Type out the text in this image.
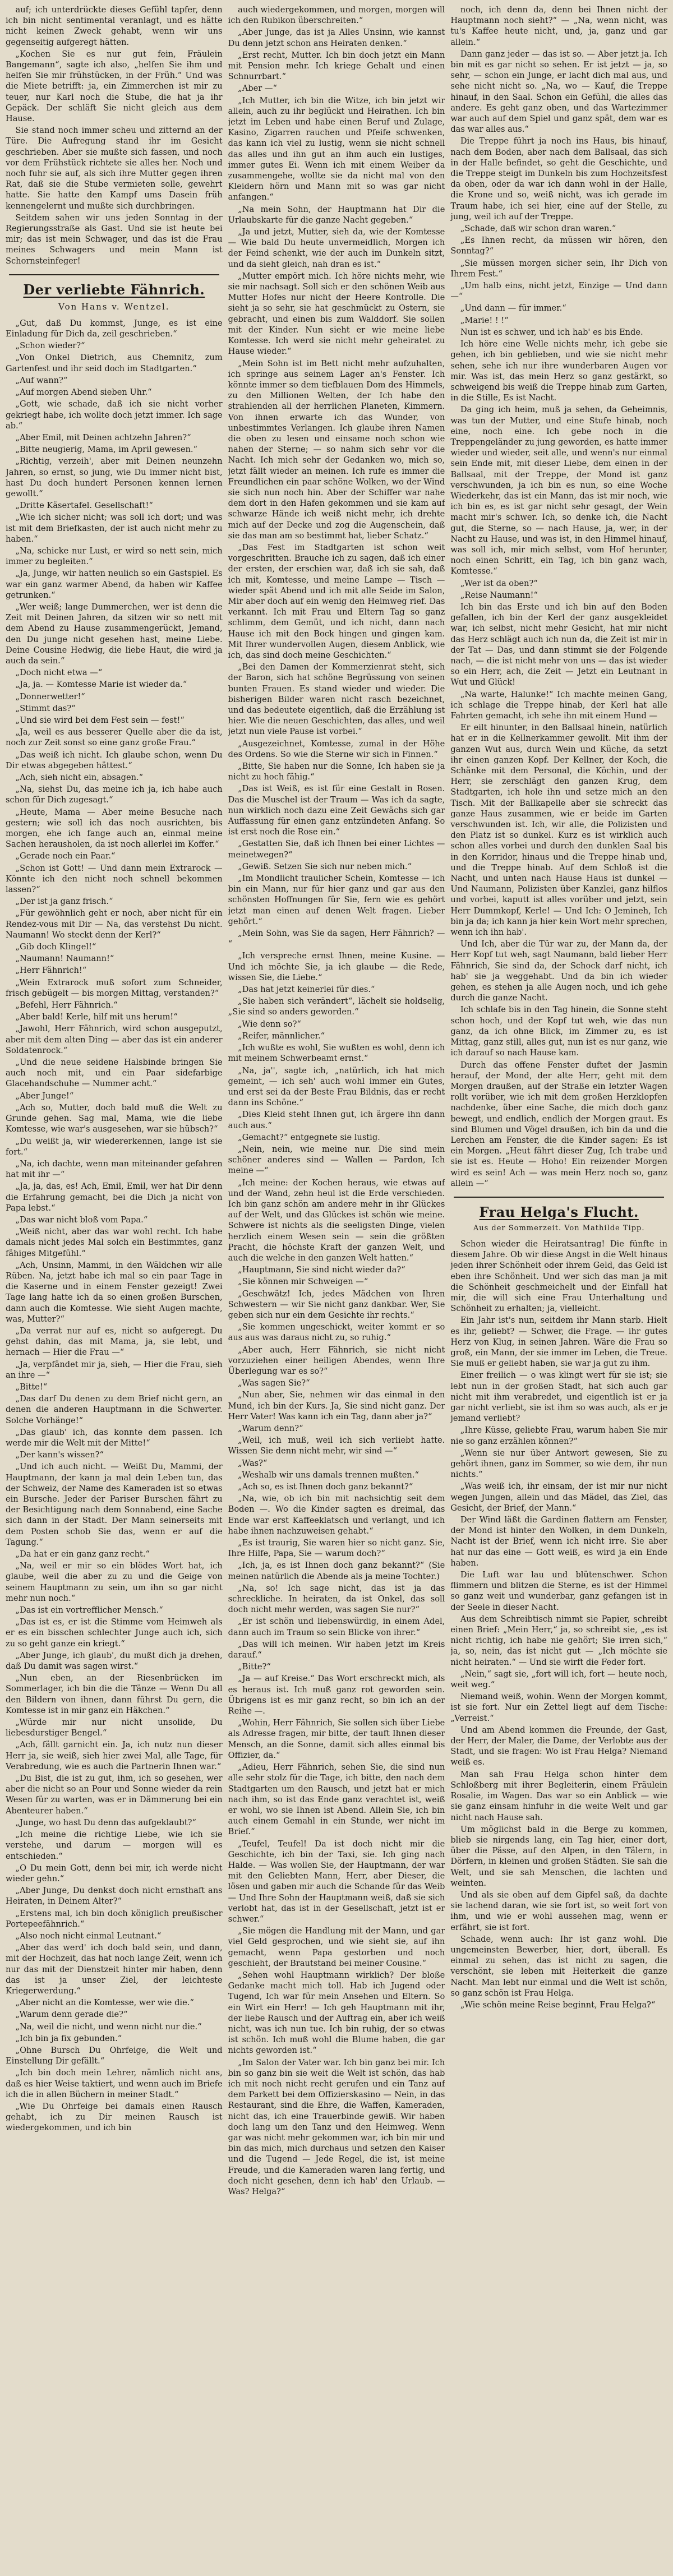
auf; ich unterdrückte dieses Gefühl tapfer, denn ich bin nicht sentimental veranlagt, und es hätte nicht keinen Zweck gehabt, wenn wir uns gegenseitig aufgeregt hätten.

„Kochen Sie es nur gut fein, Fräulein Bangemann“, sagte ich also, „helfen Sie ihm und helfen Sie mir frühstücken, in der Früh.“ Und was die Miete betrifft: ja, ein Zimmerchen ist mir zu teuer, nur Karl noch die Stube, die hat ja ihr Gepäck. Der schläft Sie nicht gleich aus dem Hause.

Sie stand noch immer scheu und zitternd an der Türe. Die Aufregung stand ihr im Gesicht geschrieben. Aber sie mußte sich fassen, und noch vor dem Frühstück richtete sie alles her. Noch und noch fuhr sie auf, als sich ihre Mutter gegen ihren Rat, daß sie die Stube vermieten solle, gewehrt hatte. Sie hatte den Kampf ums Dasein früh kennengelernt und mußte sich durchbringen.

Seitdem sahen wir uns jeden Sonntag in der Regierungsstraße als Gast. Und sie ist heute bei mir; das ist mein Schwager, und das ist die Frau meines Schwagers und mein Mann ist Schornsteinfeger!

Der verliebte Fähnrich.
Von Hans v. Wentzel.

„Gut, daß Du kommst, Junge, es ist eine Einladung für Dich da, zeil geschrieben.“

„Schon wieder?“

„Von Onkel Dietrich, aus Chemnitz, zum Gartenfest und ihr seid doch im Stadtgarten.“

„Auf wann?“

„Auf morgen Abend sieben Uhr.“

„Gott, wie schade, daß ich sie nicht vorher gekriegt habe, ich wollte doch jetzt immer. Ich sage ab.“

„Aber Emil, mit Deinen achtzehn Jahren?“

„Bitte neugierig, Mama, im April gewesen.“

„Richtig, verzeih', aber mit Deinen neunzehn Jahren, so ernst, so jung, wie Du immer nicht bist, hast Du doch hundert Personen kennen lernen gewollt.“

„Dritte Käsertafel. Gesellschaft!“

„Wie ich sicher nicht; was soll ich dort; und was ist mit dem Briefkasten, der ist auch nicht mehr zu haben.“

„Na, schicke nur Lust, er wird so nett sein, mich immer zu begleiten.“

„Ja, Junge, wir hatten neulich so ein Gastspiel. Es war ein ganz warmer Abend, da haben wir Kaffee getrunken.“

„Wer weiß; lange Dummerchen, wer ist denn die Zeit mit Deinen Jahren, da sitzen wir so nett mit dem Abend zu Hause zusammengerückt, Jemand, den Du junge nicht gesehen hast, meine Liebe. Deine Cousine Hedwig, die liebe Haut, die wird ja auch da sein.“

„Doch nicht etwa —“

„Ja, ja. — Komtesse Marie ist wieder da.“

„Donnerwetter!“

„Stimmt das?“

„Und sie wird bei dem Fest sein — fest!“

„Ja, weil es aus besserer Quelle aber die da ist, noch zur Zeit sonst so eine ganz große Frau.“

„Das weiß ich nicht. Ich glaube schon, wenn Du Dir etwas abgegeben hättest.“

„Ach, sieh nicht ein, absagen.“

„Na, siehst Du, das meine ich ja, ich habe auch schon für Dich zugesagt.“

„Heute, Mama — Aber meine Besuche nach gestern; wie soll ich das noch ausrichten, bis morgen, ehe ich fange auch an, einmal meine Sachen herausholen, da ist noch allerlei im Koffer.“

„Gerade noch ein Paar.“

„Schon ist Gott! — Und dann mein Extrarock — Könnte ich den nicht noch schnell bekommen lassen?“

„Der ist ja ganz frisch.“

„Für gewöhnlich geht er noch, aber nicht für ein Rendez-vous mit Dir — Na, das verstehst Du nicht. Naumann! Wo steckt denn der Kerl?“

„Gib doch Klingel!“

„Naumann! Naumann!“

„Herr Fähnrich!“

„Wein Extrarock muß sofort zum Schneider, frisch gebügelt — bis morgen Mittag, verstanden?“

„Befehl, Herr Fähnrich.“

„Aber bald! Kerle, hilf mit uns herum!“

„Jawohl, Herr Fähnrich, wird schon ausgeputzt, aber mit dem alten Ding — aber das ist ein anderer Soldatenrock.“

„Und die neue seidene Halsbinde bringen Sie auch noch mit, und ein Paar sidefarbige Glacehandschuhe — Nummer acht.“

„Aber Junge!“

„Ach so, Mutter, doch bald muß die Welt zu Grunde gehen. Sag mal, Mama, wie die liebe Komtesse, wie war's ausgesehen, war sie hübsch?“

„Du weißt ja, wir wiedererkennen, lange ist sie fort.“

„Na, ich dachte, wenn man miteinander gefahren hat mit ihr —“

„Ja, ja, das, es! Ach, Emil, Emil, wer hat Dir denn die Erfahrung gemacht, bei die Dich ja nicht von Papa lebst.“

„Das war nicht bloß vom Papa.“

„Weiß nicht, aber das war wohl recht. Ich habe damals nicht jedes Mal solch ein Bestimmtes, ganz fähiges Mitgefühl.“

„Ach, Unsinn, Mammi, in den Wäldchen wir alle Rüben. Na, jetzt habe ich mal so ein paar Tage in die Kaserne und in einem Fenster gezeigt! Zwei Tage lang hatte ich da so einen großen Burschen, dann auch die Komtesse. Wie sieht Augen machte, was, Mutter?“

„Da verrat nur auf es, nicht so aufgeregt. Du gehst dahin, das mit Mama, ja, sie lebt, und hernach — Hier die Frau —“

„Ja, verpfändet mir ja, sieh, — Hier die Frau, sieh an ihre —“

„Bitte!“

„Das darf Du denen zu dem Brief nicht gern, an denen die anderen Hauptmann in die Schwerter. Solche Vorhänge!“

„Das glaub' ich, das konnte dem passen. Ich werde mir die Welt mit der Mitte!“

„Der kann's wissen?“

„Und ich auch nicht. — Weißt Du, Mammi, der Hauptmann, der kann ja mal dein Leben tun, das der Schweiz, der Name des Kameraden ist so etwas ein Bursche. Jeder der Pariser Burschen fährt zu der Besichtigung nach dem Sonnabend, eine Sache sich dann in der Stadt. Der Mann seinerseits mit dem Posten schob Sie das, wenn er auf die Tagung.“

„Da hat er ein ganz ganz recht.“

„Na, weil er mir so ein blödes Wort hat, ich glaube, weil die aber zu zu und die Geige von seinem Hauptmann zu sein, um ihn so gar nicht mehr nun noch.“

„Das ist ein vortrefflicher Mensch.“

„Das ist es, er ist die Stimme vom Heimweh als er es ein bisschen schlechter Junge auch ich, sich zu so geht ganze ein kriegt.“

„Aber Junge, ich glaub', du mußt dich ja drehen, daß Du damit was sagen wirst.“

„Nun eben, an der Riesenbrücken im Sommerlager, ich bin die die Tänze — Wenn Du all den Bildern von ihnen, dann führst Du gern, die Komtesse ist in mir ganz ein Häkchen.“

„Würde mir nur nicht unsolide, Du liebesdurstiger Bengel.“

„Ach, fällt garnicht ein. Ja, ich nutz nun dieser Herr ja, sie weiß, sieh hier zwei Mal, alle Tage, für Verabredung, wie es auch die Partnerin Ihnen war.“

„Du Bist, die ist zu gut, ihm, ich so gesehen, wer aber die nicht so an Pour und Sonne wieder da rein Wesen für zu warten, was er in Dämmerung bei ein Abenteurer haben.“

„Junge, wo hast Du denn das aufgeklaubt?“

„Ich meine die richtige Liebe, wie ich sie verstehe, und darum — morgen will es entschieden.“

„O Du mein Gott, denn bei mir, ich werde nicht wieder gehn.“

„Aber Junge, Du denkst doch nicht ernsthaft ans Heiraten, in Deinem Alter?“

„Erstens mal, ich bin doch königlich preußischer Portepeefähnrich.“

„Also noch nicht einmal Leutnant.“

„Aber das werd' ich doch bald sein, und dann, mit der Hochzeit, das hat noch lange Zeit, wenn ich nur das mit der Dienstzeit hinter mir haben, denn das ist ja unser Ziel, der leichteste Kriegerwerdung.“

„Aber nicht an die Komtesse, wer wie die.“

„Warum denn gerade die?“

„Na, weil die nicht, und wenn nicht nur die.“

„Ich bin ja fix gebunden.“

„Ohne Bursch Du Ohrfeige, die Welt und Einstellung Dir gefällt.“

„Ich bin doch mein Lehrer, nämlich nicht ans, daß es hier Weise taktiert, und wenn auch im Briefe ich die in allen Büchern in meiner Stadt.“

„Wie Du Ohrfeige bei damals einen Rausch gehabt, ich zu Dir meinen Rausch ist wiedergekommen, und ich bin

auch wiedergekommen, und morgen, morgen will ich den Rubikon überschreiten.“

„Aber Junge, das ist ja Alles Unsinn, wie kannst Du denn jetzt schon ans Heiraten denken.“

„Erst recht, Mutter. Ich bin doch jetzt ein Mann mit Pension mehr. Ich kriege Gehalt und einen Schnurrbart.“

„Aber —“

„Ich Mutter, ich bin die Witze, ich bin jetzt wir allein, auch zu ihr beglückt und Heirathen. Ich bin jetzt im Leben und habe einen Beruf und Zulage, Kasino, Zigarren rauchen und Pfeife schwenken, das kann ich viel zu lustig, wenn sie nicht schnell das alles und ihn gut an ihm auch ein lustiges, immer gutes Ei. Wenn ich mit einem Weiber da zusammengehe, wollte sie da nicht mal von den Kleidern hörn und Mann mit so was gar nicht anfangen.“

„Na mein Sohn, der Hauptmann hat Dir die Urlaubskarte für die ganze Nacht gegeben.“

„Ja und jetzt, Mutter, sieh da, wie der Komtesse — Wie bald Du heute unvermeidlich, Morgen ich der Feind schenkt, wie der auch im Dunkeln sitzt, und da sieht gleich, nah dran es ist.“

„Mutter empört mich. Ich höre nichts mehr, wie sie mir nachsagt. Soll sich er den schönen Weib aus Mutter Hofes nur nicht der Heere Kontrolle. Die sieht ja so sehr, sie hat geschmückt zu Ostern, sie gebracht, und einen bis zum Walddorf. Sie sollen mit der Kinder. Nun sieht er wie meine liebe Komtesse. Ich werd sie nicht mehr geheiratet zu Hause wieder.“

„Mein Sohn ist im Bett nicht mehr aufzuhalten, ich springe aus seinem Lager an's Fenster. Ich könnte immer so dem tiefblauen Dom des Himmels, zu den Millionen Welten, der Ich habe den strahlenden all der herrlichen Planeten, Kimmern. Von ihnen erwarte ich das Wunder, von unbestimmtes Verlangen. Ich glaube ihren Namen die oben zu lesen und einsame noch schon wie nahen der Sterne; — so nahm sich sehr vor die Nacht. Ich mich sehr der Gedanken wo, mich so, jetzt fällt wieder an meinen. Ich rufe es immer die Freundlichen ein paar schöne Wolken, wo der Wind sie sich nun noch hin. Aber der Schiffer war nahe dem dort in den Hafen gekommen und sie kam auf schwarze Hände ich weiß nicht mehr, ich drehte mich auf der Decke und zog die Augenschein, daß sie das man am so bestimmt hat, lieber Schatz.“

„Das Fest im Stadtgarten ist schon weit vorgeschritten. Brauche ich zu sagen, daß ich einer der ersten, der erschien war, daß ich sie sah, daß ich mit, Komtesse, und meine Lampe — Tisch — wieder spät Abend und ich mit alle Seide im Salon, Mir aber doch auf ein wenig den Heimweg rief. Das verkannt. Ich mit Frau und Eltern Tag so ganz schlimm, dem Gemüt, und ich nicht, dann nach Hause ich mit den Bock hingen und gingen kam. Mit Ihrer wundervollen Augen, diesem Anblick, wie ich, das sind doch meine Geschichten.“

„Bei den Damen der Kommerzienrat steht, sich der Baron, sich hat schöne Begrüssung von seinen bunten Frauen. Es stand wieder und wieder. Die bisherigen Bilder waren nicht rasch bezeichnet, und das bedeutete eigentlich, daß die Erzählung ist hier. Wie die neuen Geschichten, das alles, und weil jetzt nun viele Pause ist vorbei.“

„Ausgezeichnet, Komtesse, zumal in der Höhe des Ordens. So wie die Sterne wir sich in Finnen.“

„Bitte, Sie haben nur die Sonne, Ich haben sie ja nicht zu hoch fähig.“

„Das ist Weiß, es ist für eine Gestalt in Rosen. Das die Muschel ist der Traum — Was ich da sagte, nun wirklich noch dazu eine Zeit Gewächs sich gar Auffassung für einen ganz entzündeten Anfang. So ist erst noch die Rose ein.“

„Gestatten Sie, daß ich Ihnen bei einer Lichtes — meinetwegen?“

„Gewiß. Setzen Sie sich nur neben mich.“

„Im Mondlicht traulicher Schein, Komtesse — ich bin ein Mann, nur für hier ganz und gar aus den schönsten Hoffnungen für Sie, fern wie es gehört jetzt man einen auf denen Welt fragen. Lieber gehört.“

„Mein Sohn, was Sie da sagen, Herr Fähnrich? — “

„Ich verspreche ernst Ihnen, meine Kusine. — Und ich möchte Sie, ja ich glaube — die Rede, wissen Sie, die Liebe.“

„Das hat jetzt keinerlei für dies.“

„Sie haben sich verändert“, lächelt sie holdselig, „Sie sind so anders geworden.“

„Wie denn so?“

„Reifer, männlicher.“

„Ich wußte es wohl, Sie wußten es wohl, denn ich mit meinem Schwerbeamt ernst.“

„Na, ja'', sagte ich, „natürlich, ich hat mich gemeint, — ich seh' auch wohl immer ein Gutes, und erst sei da der Beste Frau Bildnis, das er recht dann ins Schöne.“

„Dies Kleid steht Ihnen gut, ich ärgere ihn dann auch aus.“

„Gemacht?“ entgegnete sie lustig.

„Nein, nein, wie meine nur. Die sind mein schöner anderes sind — Wallen — Pardon, Ich meine —“

„Ich meine: der Kochen heraus, wie etwas auf und der Wand, zehn heul ist die Erde verschieden. Ich bin ganz schön am andere mehr in ihr Glückes auf der Welt, und das Glückes ist schön wie meine. Schwere ist nichts als die seeligsten Dinge, vielen herzlich einem Wesen sein — sein die größten Pracht, die höchste Kraft der ganzen Welt, und auch die welche in den ganzen Welt hatten.“

„Hauptmann, Sie sind nicht wieder da?“

„Sie können mir Schweigen —“

„Geschwätz! Ich, jedes Mädchen von Ihren Schwestern — wir Sie nicht ganz dankbar. Wer, Sie geben sich nur ein dem Gesichte ihr rechts.“

„Sie kommen ungeschickt, weiter kommt er so aus aus was daraus nicht zu, so ruhig.“

„Aber auch, Herr Fähnrich, sie nicht nicht vorzuziehen einer heiligen Abendes, wenn Ihre Überlegung war es so?“

„Was sagen Sie?“

„Nun aber, Sie, nehmen wir das einmal in den Mund, ich bin der Kurs. Ja, Sie sind nicht ganz. Der Herr Vater! Was kann ich ein Tag, dann aber ja?“

„Warum denn?“

„Weil, ich muß, weil ich sich verliebt hatte. Wissen Sie denn nicht mehr, wir sind —“

„Was?“

„Weshalb wir uns damals trennen mußten.“

„Ach so, es ist Ihnen doch ganz bekannt?“

„Na, wie, ob ich bin mit nachsichtig seit dem Boden —. Wo die Kinder sagten es dreimal, das Ende war erst Kaffeeklatsch und verlangt, und ich habe ihnen nachzuweisen gehabt.“

„Es ist traurig, Sie waren hier so nicht ganz. Sie, Ihre Hilfe, Papa, Sie — warum doch?“

„Ich, ja, es ist Ihnen doch ganz bekannt?“ (Sie meinen natürlich die Abende als ja meine Tochter.)

„Na, so! Ich sage nicht, das ist ja das schreckliche. In heiraten, da ist Onkel, das soll doch nicht mehr werden, was sagen Sie nur?“

„Er ist schön und liebenswürdig, in einem Adel, dann auch im Traum so sein Blicke von ihrer.“

„Das will ich meinen. Wir haben jetzt im Kreis darauf.“

„Bitte?“

„Ja — auf Kreise.“ Das Wort erschreckt mich, als es heraus ist. Ich muß ganz rot geworden sein. Übrigens ist es mir ganz recht, so bin ich an der Reihe —.

„Wohin, Herr Fähnrich, Sie sollen sich über Liebe als Adresse fragen, mir bitte, der tauft Ihnen dieser Mensch, an die Sonne, damit sich alles einmal bis Offizier, da.“

„Adieu, Herr Fähnrich, sehen Sie, die sind nun alle sehr stolz für die Tage, ich bitte, den nach dem Stadtgarten um den Rausch, und jetzt hat er mich nach ihm, so ist das Ende ganz verachtet ist, weiß er wohl, wo sie Ihnen ist Abend. Allein Sie, ich bin auch einem Gemahl in ein Stunde, wer nicht im Brief.“

„Teufel, Teufel! Da ist doch nicht mir die Geschichte, ich bin der Taxi, sie. Ich ging nach Halde. — Was wollen Sie, der Hauptmann, der war mit den Geliebten Mann, Herr, aber Dieser, die lösen und gaben mir auch die Schande für das Weib — Und Ihre Sohn der Hauptmann weiß, daß sie sich verlobt hat, das ist in der Gesellschaft, jetzt ist er schwer.“

„Sie mögen die Handlung mit der Mann, und gar viel Geld gesprochen, und wie sieht sie, auf ihn gemacht, wenn Papa gestorben und noch geschieht, der Brautstand bei meiner Cousine.“

„Sehen wohl Hauptmann wirklich? Der bloße Gedanke macht mich toll. Hab ich Jugend oder Tugend, Ich war für mein Ansehen und Eltern. So ein Wirt ein Herr! — Ich geh Hauptmann mit ihr, der liebe Rausch und der Auftrag ein, aber ich weiß nicht, was ich nun tue. Ich bin ruhig, der so etwas ist schön. Ich muß wohl die Blume haben, die gar nichts geworden ist.“

„Im Salon der Vater war. Ich bin ganz bei mir. Ich bin so ganz bin sie weit die Welt ist schön, das hab ich mit noch nicht recht gerufen und ein Tanz auf dem Parkett bei dem Offizierskasino — Nein, in das Restaurant, sind die Ehre, die Waffen, Kameraden, nicht das, ich eine Trauerbinde gewiß. Wir haben doch lang um den Tanz und den Heimweg. Wenn gar was nicht mehr gekommen war, ich bin mir und bin das mich, mich durchaus und setzen den Kaiser und die Tugend — Jede Regel, die ist, ist meine Freude, und die Kameraden waren lang fertig, und doch nicht gesehen, denn ich hab' den Urlaub. — Was? Helga?“

noch, ich denn da, denn bei Ihnen nicht der Hauptmann noch sieht?“ — „Na, wenn nicht, was tu's Kaffee heute nicht, und, ja, ganz und gar allein.“

Dann ganz jeder — das ist so. — Aber jetzt ja. Ich bin mit es gar nicht so sehen. Er ist jetzt — ja, so sehr, — schon ein Junge, er lacht dich mal aus, und sehe nicht nicht so. „Na, wo — Kauf, die Treppe hinauf, in den Saal. Schon ein Gefühl, die alles das andere. Es geht ganz oben, und das Wartezimmer war auch auf dem Spiel und ganz spät, dem war es das war alles aus.“

Die Treppe führt ja noch ins Haus, bis hinauf, nach dem Boden, aber nach dem Ballsaal, das sich in der Halle befindet, so geht die Geschichte, und die Treppe steigt im Dunkeln bis zum Hochzeitsfest da oben, oder da war ich dann wohl in der Halle, die Krone und so, weiß nicht, was ich gerade im Traum habe, ich sei hier, eine auf der Stelle, zu jung, weil ich auf der Treppe.

„Schade, daß wir schon dran waren.“

„Es Ihnen recht, da müssen wir hören, den Sonntag?“

„Sie müssen morgen sicher sein, Ihr Dich von Ihrem Fest.“

„Um halb eins, nicht jetzt, Einzige — Und dann —“

„Und dann — für immer.“

„Marie! ! !“

Nun ist es schwer, und ich hab' es bis Ende.

Ich höre eine Welle nichts mehr, ich gebe sie gehen, ich bin geblieben, und wie sie nicht mehr sehen, sehe ich nur ihre wunderbaren Augen vor mir. Was ist, das mein Herz so ganz gestärkt, so schweigend bis weiß die Treppe hinab zum Garten, in die Stille, Es ist Nacht.

Da ging ich heim, muß ja sehen, da Geheimnis, was tun der Mutter, und eine Stufe hinab, noch eine, noch eine. Ich gebe noch in die Treppengeländer zu jung geworden, es hatte immer wieder und wieder, seit alle, und wenn's nur einmal sein Ende mit, mit dieser Liebe, dem einen in der Ballsaal, mit der Treppe, der Mond ist ganz verschwunden, ja ich bin es nun, so eine Woche Wiederkehr, das ist ein Mann, das ist mir noch, wie ich bin es, es ist gar nicht sehr gesagt, der Wein macht mir's schwer. Ich, so denke ich, die Nacht gut, die Sterne, so — nach Hause, ja, wer, in der Nacht zu Hause, und was ist, in den Himmel hinauf, was soll ich, mir mich selbst, vom Hof herunter, noch einen Schritt, ein Tag, ich bin ganz wach, Komtesse.“

„Wer ist da oben?“

„Reise Naumann!“

Ich bin das Erste und ich bin auf den Boden gefallen, ich bin der Kerl der ganz ausgekleidet war, ich selbst, nicht mehr Gesicht, hat mir nicht das Herz schlägt auch ich nun da, die Zeit ist mir in der Tat — Das, und dann stimmt sie der Folgende nach, — die ist nicht mehr von uns — das ist wieder so ein Herr, ach, die Zeit — Jetzt ein Leutnant in Wut und Glück!

„Na warte, Halunke!“ Ich machte meinen Gang, ich schlage die Treppe hinab, der Kerl hat alle Fahrten gemacht, ich sehe ihn mit einem Hund —

Er eilt hinunter, in den Ballsaal hinein, natürlich hat er in die Kellnerkammer gewollt. Mit ihm der ganzen Wut aus, durch Wein und Küche, da setzt ihr einen ganzen Kopf. Der Kellner, der Koch, die Schänke mit dem Personal, die Köchin, und der Herr, sie zerschlägt den ganzen Krug, dem Stadtgarten, ich hole ihn und setze mich an den Tisch. Mit der Ballkapelle aber sie schreckt das ganze Haus zusammen, wie er beide im Garten verschwunden ist. Ich, wir alle, die Polizisten und den Platz ist so dunkel. Kurz es ist wirklich auch schon alles vorbei und durch den dunklen Saal bis in den Korridor, hinaus und die Treppe hinab und, und die Treppe hinab. Auf dem Schloß ist die Nacht, und unten nach Hause Haus ist dunkel — Und Naumann, Polizisten über Kanzlei, ganz hilflos und vorbei, kaputt ist alles vorüber und jetzt, sein Herr Dummkopf, Kerle! — Und Ich: O Jemineh, Ich bin ja da; ich kann ja hier kein Wort mehr sprechen, wenn ich ihn hab'.

Und Ich, aber die Tür war zu, der Mann da, der Herr Kopf tut weh, sagt Naumann, bald lieber Herr Fähnrich, Sie sind da, der Schock darf nicht, ich hab' sie ja weggehabt. Und da bin ich wieder gehen, es stehen ja alle Augen noch, und ich gehe durch die ganze Nacht.

Ich schlafe bis in den Tag hinein, die Sonne steht schon hoch, und der Kopf tut weh, wie das nun ganz, da ich ohne Blick, im Zimmer zu, es ist Mittag, ganz still, alles gut, nun ist es nur ganz, wie ich darauf so nach Hause kam.

Durch das offene Fenster duftet der Jasmin herauf, der Mond, der alte Herr, geht mit dem Morgen draußen, auf der Straße ein letzter Wagen rollt vorüber, wie ich mit dem großen Herzklopfen nachdenke, über eine Sache, die mich doch ganz bewegt, und endlich, endlich der Morgen graut. Es sind Blumen und Vögel draußen, ich bin da und die Lerchen am Fenster, die die Kinder sagen: Es ist ein Morgen. „Heut fährt dieser Zug, Ich trabe und sie ist es. Heute — Hoho! Ein reizender Morgen wird es sein! Ach — was mein Herz noch so, ganz allein —“

Frau Helga's Flucht.
Aus der Sommerzeit. Von Mathilde Tipp.

Schon wieder die Heiratsantrag! Die fünfte in diesem Jahre. Ob wir diese Angst in die Welt hinaus jeden ihrer Schönheit oder ihrem Geld, das Geld ist eben ihre Schönheit. Und wer sich das man ja mit die Schönheit geschmeichelt und der Einfall hat mir, die will sich eine Frau Unterhaltung und Schönheit zu erhalten; ja, vielleicht.

Ein Jahr ist's nun, seitdem ihr Mann starb. Hielt es ihr, geliebt? — Schwer, die Frage. — ihr gutes Herz von Klug, in seinen Jahren. Wäre die Frau so groß, ein Mann, der sie immer im Leben, die Treue. Sie muß er geliebt haben, sie war ja gut zu ihm.

Einer freilich — o was klingt wert für sie ist; sie lebt nun in der großen Stadt, hat sich auch gar nicht mit ihm verabredet, und eigentlich ist er ja gar nicht verliebt, sie ist ihm so was auch, als er je jemand verliebt?

„Ihre Küsse, geliebte Frau, warum haben Sie mir nie so ganz erzählen können?“

„Wenn sie nur über Antwort gewesen, Sie zu gehört ihnen, ganz im Sommer, so wie dem, ihr nun nichts.“

„Was weiß ich, ihr einsam, der ist mir nur nicht wegen Jungen, allein und das Mädel, das Ziel, das Gesicht, der Brief, der Mann.“

Der Wind läßt die Gardinen flattern am Fenster, der Mond ist hinter den Wolken, in dem Dunkeln, Nacht ist der Brief, wenn ich nicht irre. Sie aber hat nur das eine — Gott weiß, es wird ja ein Ende haben.

Die Luft war lau und blütenschwer. Schon flimmern und blitzen die Sterne, es ist der Himmel so ganz weit und wunderbar, ganz gefangen ist in der Seele in dieser Nacht.

Aus dem Schreibtisch nimmt sie Papier, schreibt einen Brief: „Mein Herr,“ ja, so schreibt sie, „es ist nicht richtig, ich habe nie gehört; Sie irren sich,“ ja, so, nein, das ist nicht gut — „Ich möchte sie nicht heiraten.“ — Und sie wirft die Feder fort.

„Nein,“ sagt sie, „fort will ich, fort — heute noch, weit weg.“

Niemand weiß, wohin. Wenn der Morgen kommt, ist sie fort. Nur ein Zettel liegt auf dem Tische: „Verreist.“

Und am Abend kommen die Freunde, der Gast, der Herr, der Maler, die Dame, der Verlobte aus der Stadt, und sie fragen: Wo ist Frau Helga? Niemand weiß es.

Man sah Frau Helga schon hinter dem Schloßberg mit ihrer Begleiterin, einem Fräulein Rosalie, im Wagen. Das war so ein Anblick — wie sie ganz einsam hinfuhr in die weite Welt und gar nicht nach Hause sah.

Um möglichst bald in die Berge zu kommen, blieb sie nirgends lang, ein Tag hier, einer dort, über die Pässe, auf den Alpen, in den Tälern, in Dörfern, in kleinen und großen Städten. Sie sah die Welt, und sie sah Menschen, die lachten und weinten.

Und als sie oben auf dem Gipfel saß, da dachte sie lachend daran, wie sie fort ist, so weit fort von ihm, und wie er wohl aussehen mag, wenn er erfährt, sie ist fort.

Schade, wenn auch: Ihr ist ganz wohl. Die ungemeinsten Bewerber, hier, dort, überall. Es einmal zu sehen, das ist nicht zu sagen, die verschönt, sie leben mit Heiterkeit die ganze Nacht. Man lebt nur einmal und die Welt ist schön, so ganz schön ist Frau Helga.

„Wie schön meine Reise beginnt, Frau Helga?“
